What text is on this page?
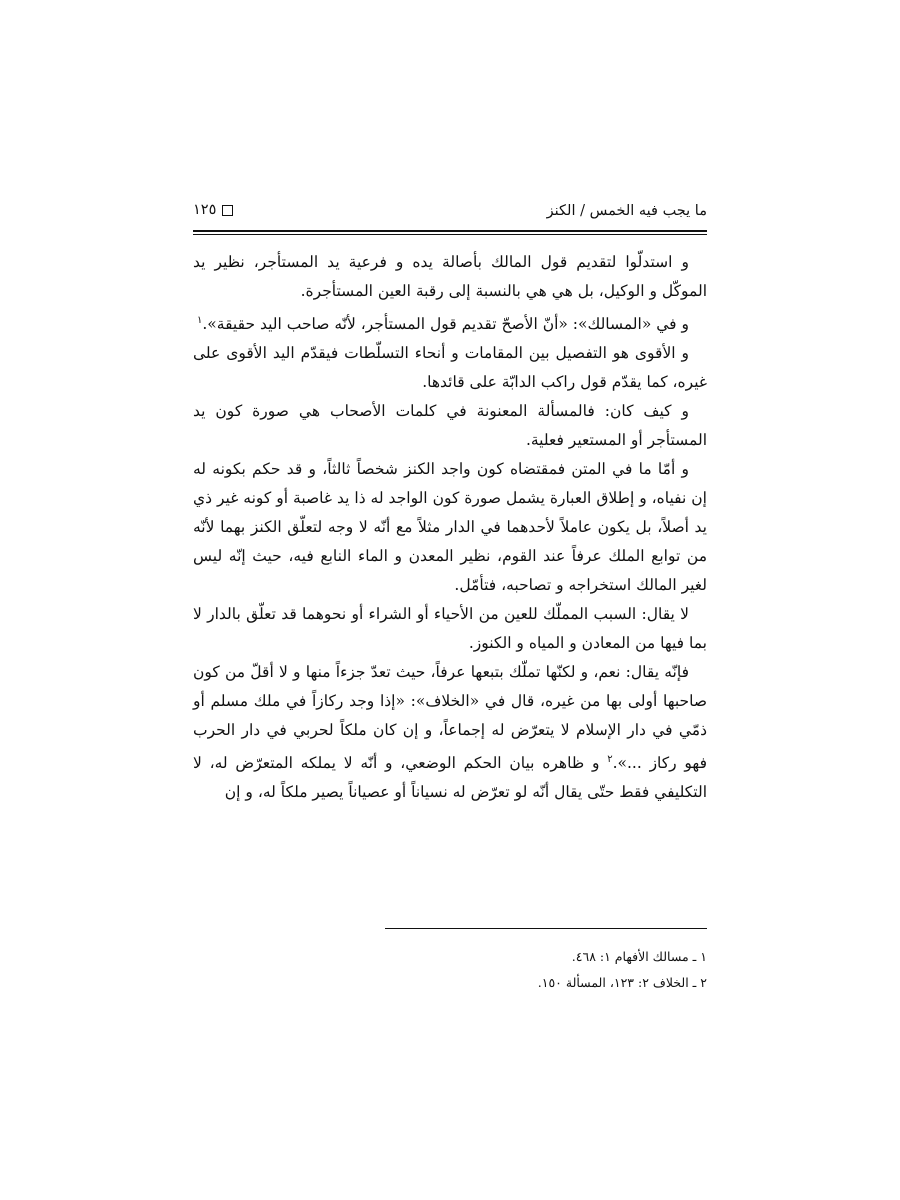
ما يجب فيه الخمس / الكنز
١٢٥

و استدلّوا لتقديم قول المالك بأصالة يده و فرعية يد المستأجر، نظير يد الموكّل و الوكيل، بل هي هي بالنسبة إلى رقبة العين المستأجرة.

و في «المسالك»: «أنّ الأصحّ تقديم قول المستأجر، لأنّه صاحب اليد حقيقة».$^١$

و الأقوى هو التفصيل بين المقامات و أنحاء التسلّطات فيقدّم اليد الأقوى على غيره، كما يقدّم قول راكب الدابّة على قائدها.

و كيف كان: فالمسألة المعنونة في كلمات الأصحاب هي صورة كون يد المستأجر أو المستعير فعلية.

و أمّا ما في المتن فمقتضاه كون واجد الكنز شخصاً ثالثاً، و قد حكم بكونه له إن نفياه، و إطلاق العبارة يشمل صورة كون الواجد له ذا يد غاصبة أو كونه غير ذي يد أصلاً، بل يكون عاملاً لأحدهما في الدار مثلاً مع أنّه لا وجه لتعلّق الكنز بهما لأنّه من توابع الملك عرفاً عند القوم، نظير المعدن و الماء النابع فيه، حيث إنّه ليس لغير المالك استخراجه و تصاحبه، فتأمّل.

لا يقال: السبب المملّك للعين من الأحياء أو الشراء أو نحوهما قد تعلّق بالدار لا بما فيها من المعادن و المياه و الكنوز.

فإنّه يقال: نعم، و لكنّها تملّك بتبعها عرفاً، حيث تعدّ جزءاً منها و لا أقلّ من كون صاحبها أولى بها من غيره، قال في «الخلاف»: «إذا وجد ركازاً في ملك مسلم أو ذمّي في دار الإسلام لا يتعرّض له إجماعاً، و إن كان ملكاً لحربي في دار الحرب فهو ركاز ...».$^٢$ و ظاهره بيان الحكم الوضعي، و أنّه لا يملكه المتعرّض له، لا التكليفي فقط حتّى يقال أنّه لو تعرّض له نسياناً أو عصياناً يصير ملكاً له، و إن

١ ـ مسالك الأفهام ١: ٤٦٨.
٢ ـ الخلاف ٢: ١٢٣، المسألة ١٥٠.
